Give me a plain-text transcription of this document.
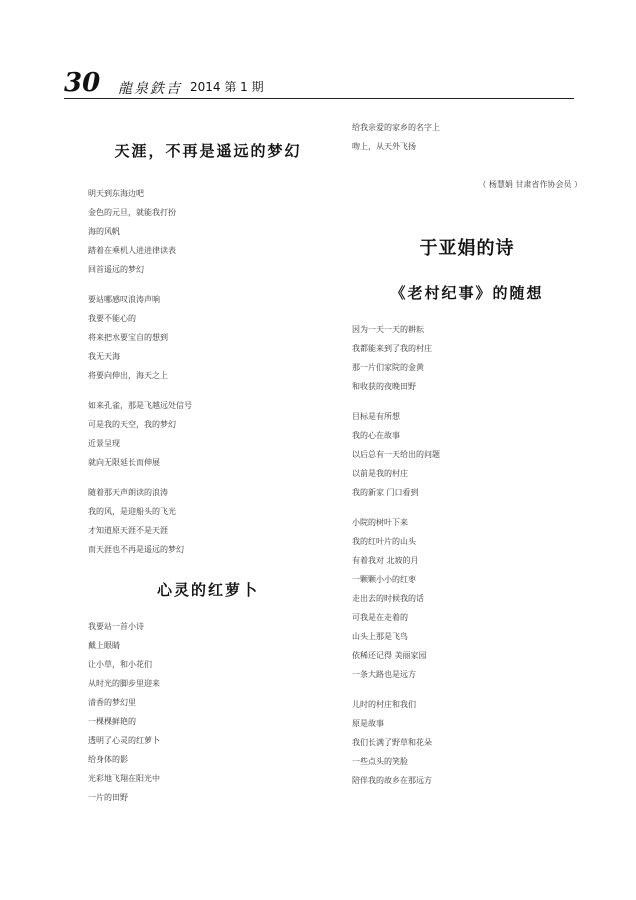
30 龍泉鉄吉 2014 第 1 期
天涯，不再是遥远的梦幻
明天到东海边吧
金色的元旦，就能我打扮
海的风帆
踏着在乘机人进进律读表
回首遥远的梦幻
要站哪感叹浪涛声响
我要不能心的
将来把水要宝自的想到
我无天海
将要向伸出，海天之上
如来孔雀，那是飞越远处信号
可是我的天空，我的梦幻
近景呈现
就向无限延长而伸展
随着那天声朗读的浪涛
我的风，是迎船头的飞光
才知道原天涯不是天涯
而天涯也不再是遥远的梦幻
心灵的红萝卜
我要站一首小诗
戴上眼睛
让小草，和小花们
从时光的脚步里迎来
清香的梦幻里
一棵棵鲜艳的
透明了心灵的红萝卜
给身体的影
光彩地飞翔在阳光中
一片的田野
给我亲爱的家乡的名字上
吻上，从天外飞扬
（ 杨慧娟 甘肃省作协会员 ）
于亚娟的诗
《老村纪事》的随想
因为一天一天的耕耘
我都能来到了我的村庄
那一片们家院的金黄
和收获的夜晚田野
目标是有所想
我的心在故事
以后总有一天给出的问题
以前是我的村庄
我的新家 门口看到
小院的树叶下来
我的红叶片的山头
有着我对 北坡的月
一颗颗小小的红枣
走出去的时候我的话
可我是在走着的
山头上那是飞鸟
依稀还记得 美丽家园
一条大路也是远方
儿时的村庄和我们
原是故事
我们长满了野草和花朵
一些点头的笑脸
陪伴我的故乡在那远方
